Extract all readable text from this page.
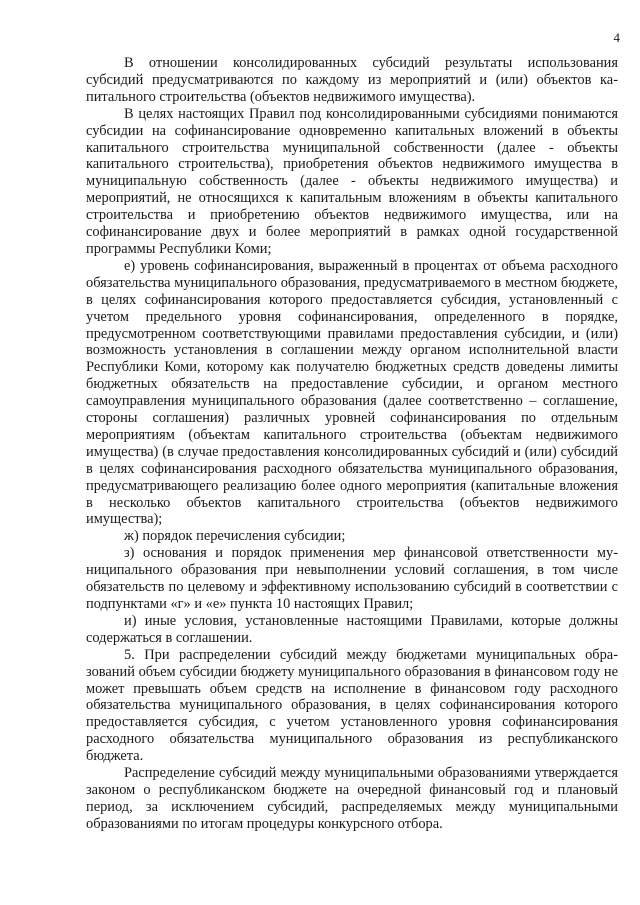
4

В отношении консолидированных субсидий результаты использования субсидий предусматриваются по каждому из мероприятий и (или) объектов капитального строительства (объектов недвижимого имущества).

В целях настоящих Правил под консолидированными субсидиями понимаются субсидии на софинансирование одновременно капитальных вложений в объекты капитального строительства муниципальной собственности (далее - объекты капитального строительства), приобретения объектов недвижимого имущества в муниципальную собственность (далее - объекты недвижимого имущества) и мероприятий, не относящихся к капитальным вложениям в объекты капитального строительства и приобретению объектов недвижимого имущества, или на софинансирование двух и более мероприятий в рамках одной государственной программы Республики Коми;

е) уровень софинансирования, выраженный в процентах от объема расходного обязательства муниципального образования, предусматриваемого в местном бюджете, в целях софинансирования которого предоставляется субсидия, установленный с учетом предельного уровня софинансирования, определенного в порядке, предусмотренном соответствующими правилами предоставления субсидии, и (или) возможность установления в соглашении между органом исполнительной власти Республики Коми, которому как получателю бюджетных средств доведены лимиты бюджетных обязательств на предоставление субсидии, и органом местного самоуправления муниципального образования (далее соответственно – соглашение, стороны соглашения) различных уровней софинансирования по отдельным мероприятиям (объектам капитального строительства (объектам недвижимого имущества) (в случае предоставления консолидированных субсидий и (или) субсидий в целях софинансирования расходного обязательства муниципального образования, предусматривающего реализацию более одного мероприятия (капитальные вложения в несколько объектов капитального строительства (объектов недвижимого имущества);

ж) порядок перечисления субсидии;

з) основания и порядок применения мер финансовой ответственности муниципального образования при невыполнении условий соглашения, в том числе обязательств по целевому и эффективному использованию субсидий в соответствии с подпунктами «г» и «е» пункта 10 настоящих Правил;

и) иные условия, установленные настоящими Правилами, которые должны содержаться в соглашении.

5. При распределении субсидий между бюджетами муниципальных образований объем субсидии бюджету муниципального образования в финансовом году не может превышать объем средств на исполнение в финансовом году расходного обязательства муниципального образования, в целях софинансирования которого предоставляется субсидия, с учетом установленного уровня софинансирования расходного обязательства муниципального образования из республиканского бюджета.

Распределение субсидий между муниципальными образованиями утверждается законом о республиканском бюджете на очередной финансовый год и плановый период, за исключением субсидий, распределяемых между муниципальными образованиями по итогам процедуры конкурсного отбора.
